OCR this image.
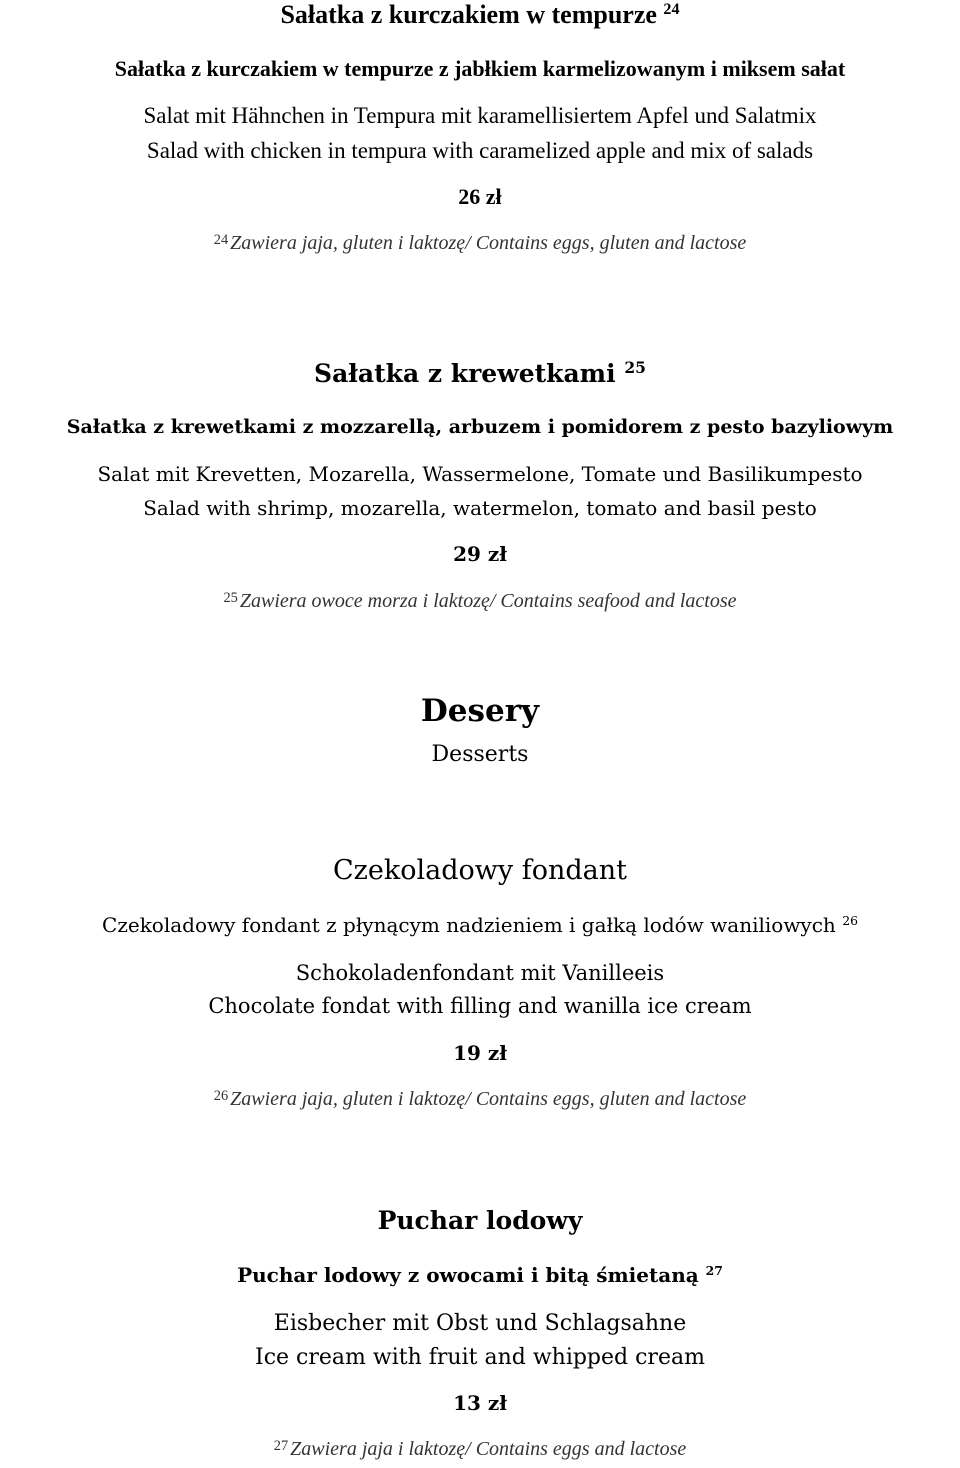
Sałatka z kurczakiem w tempurze $^{24}$
Sałatka z kurczakiem w tempurze z jabłkiem karmelizowanym i miksem sałat
Salat mit Hähnchen in Tempura mit karamellisiertem Apfel und Salatmix
Salad with chicken in tempura with caramelized apple and mix of salads
26 zł
$^{24}$ Zawiera jaja, gluten i laktozę/ Contains eggs, gluten and lactose
Sałatka z krewetkami $^{25}$
Sałatka z krewetkami z mozzarellą, arbuzem i pomidorem z pesto bazyliowym
Salat mit Krevetten, Mozarella, Wassermelone, Tomate und Basilikumpesto
Salad with shrimp, mozarella, watermelon, tomato and basil pesto
29 zł
$^{25}$ Zawiera owoce morza i laktozę/ Contains seafood and lactose
Desery
Desserts
Czekoladowy fondant
Czekoladowy fondant z płynącym nadzieniem i gałką lodów waniliowych $^{26}$
Schokoladenfondant mit Vanilleeis
Chocolate fondat with filling and wanilla ice cream
19 zł
$^{26}$ Zawiera jaja, gluten i laktozę/ Contains eggs, gluten and lactose
Puchar lodowy
Puchar lodowy z owocami i bitą śmietaną $^{27}$
Eisbecher mit Obst und Schlagsahne
Ice cream with fruit and whipped cream
13 zł
$^{27}$ Zawiera jaja i laktozę/ Contains eggs and lactose
